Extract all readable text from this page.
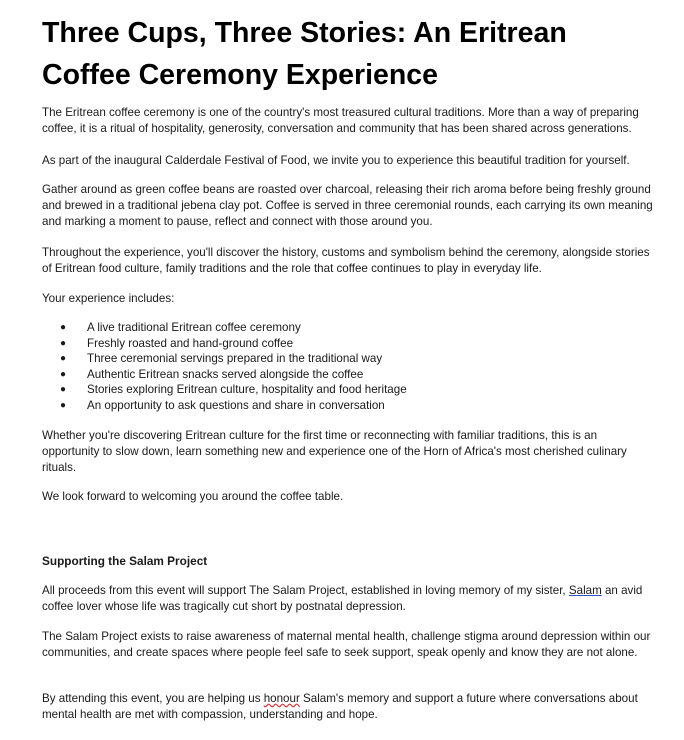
Three Cups, Three Stories: An Eritrean Coffee Ceremony Experience

The Eritrean coffee ceremony is one of the country's most treasured cultural traditions. More than a way of preparing coffee, it is a ritual of hospitality, generosity, conversation and community that has been shared across generations.

As part of the inaugural Calderdale Festival of Food, we invite you to experience this beautiful tradition for yourself.

Gather around as green coffee beans are roasted over charcoal, releasing their rich aroma before being freshly ground and brewed in a traditional jebena clay pot. Coffee is served in three ceremonial rounds, each carrying its own meaning and marking a moment to pause, reflect and connect with those around you.

Throughout the experience, you'll discover the history, customs and symbolism behind the ceremony, alongside stories of Eritrean food culture, family traditions and the role that coffee continues to play in everyday life.

Your experience includes:

● A live traditional Eritrean coffee ceremony
● Freshly roasted and hand-ground coffee
● Three ceremonial servings prepared in the traditional way
● Authentic Eritrean snacks served alongside the coffee
● Stories exploring Eritrean culture, hospitality and food heritage
● An opportunity to ask questions and share in conversation

Whether you're discovering Eritrean culture for the first time or reconnecting with familiar traditions, this is an opportunity to slow down, learn something new and experience one of the Horn of Africa's most cherished culinary rituals.

We look forward to welcoming you around the coffee table.

Supporting the Salam Project

All proceeds from this event will support The Salam Project, established in loving memory of my sister, Salam an avid coffee lover whose life was tragically cut short by postnatal depression.

The Salam Project exists to raise awareness of maternal mental health, challenge stigma around depression within our communities, and create spaces where people feel safe to seek support, speak openly and know they are not alone.

By attending this event, you are helping us honour Salam's memory and support a future where conversations about mental health are met with compassion, understanding and hope.
